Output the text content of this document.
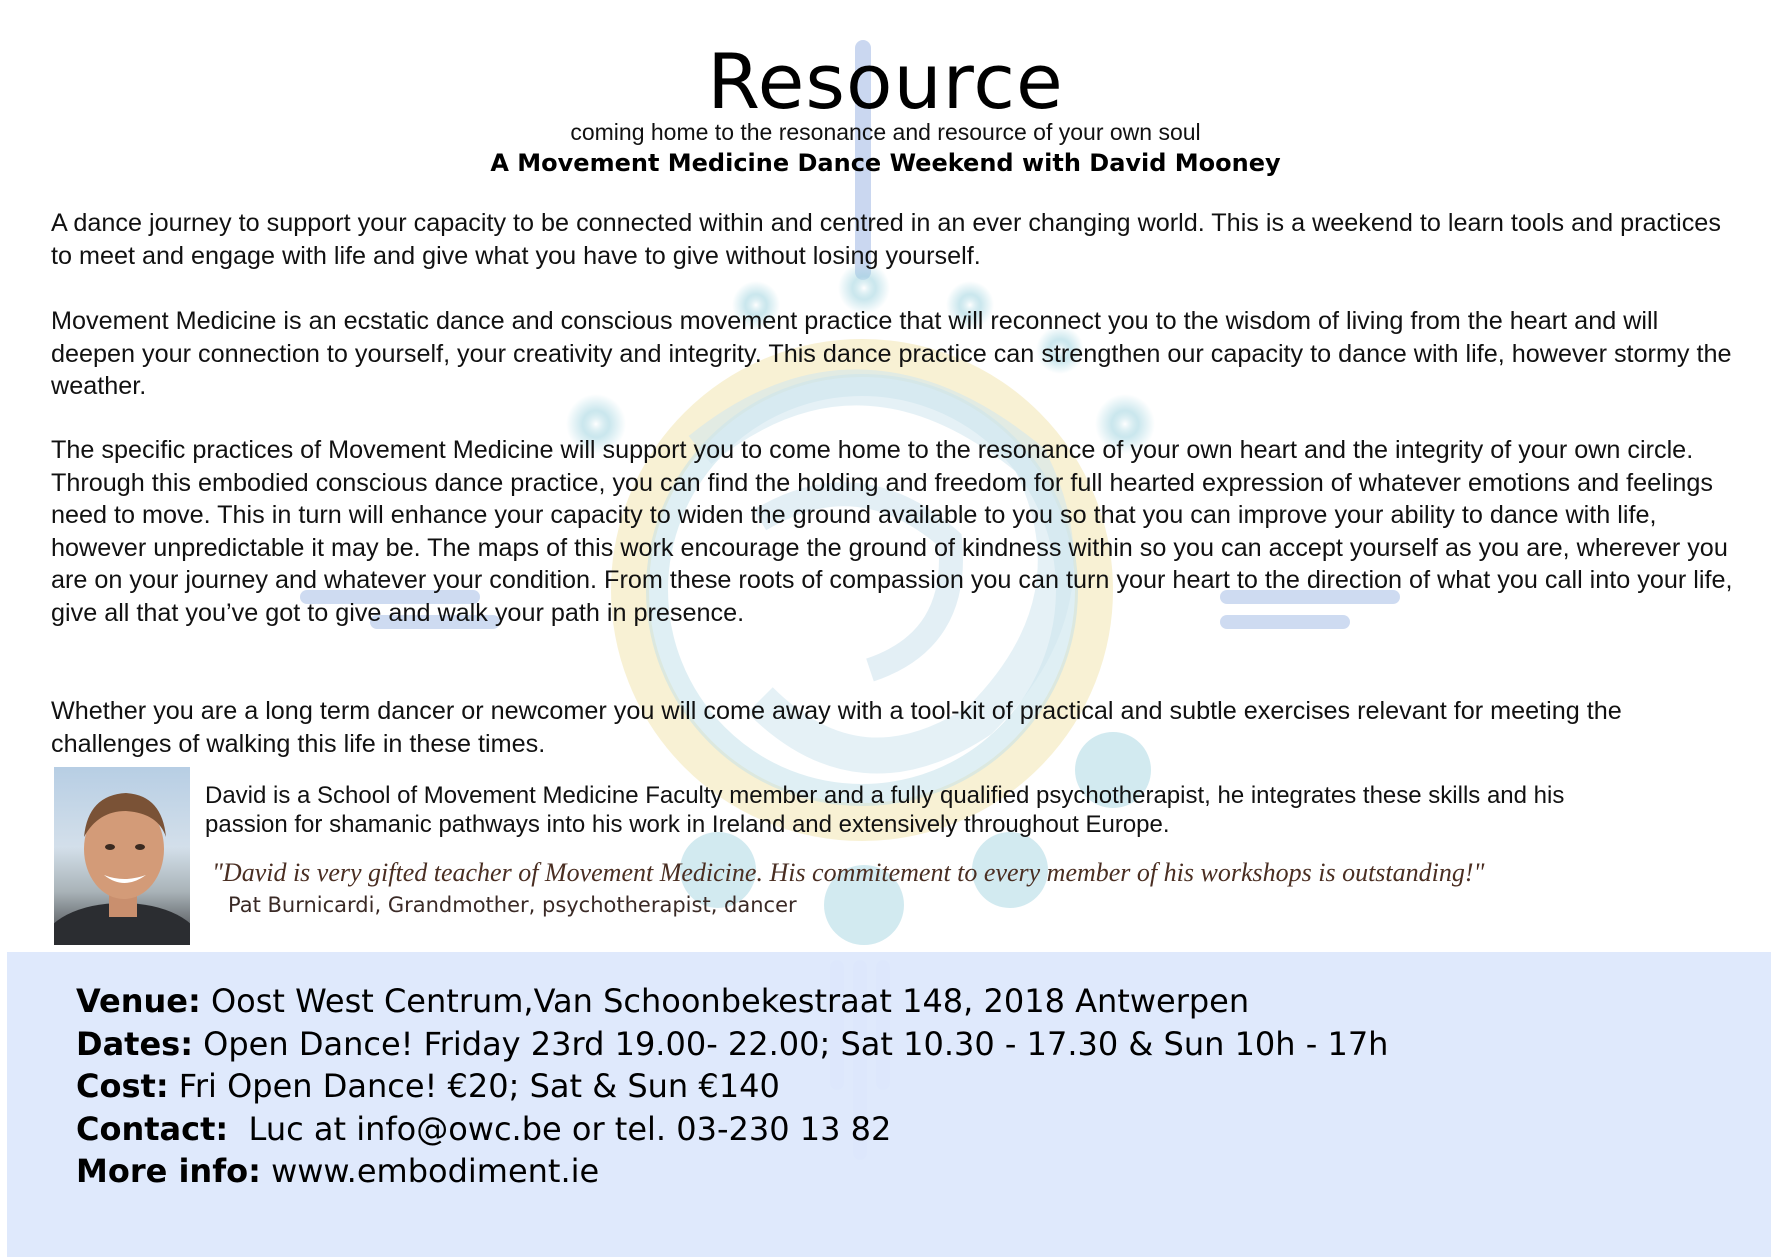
Resource

coming home to the resonance and resource of your own soul

A Movement Medicine Dance Weekend with David Mooney

A dance journey to support your capacity to be connected within and centred in an ever changing world. This is a weekend to learn tools and practices to meet and engage with life and give what you have to give without losing yourself.

Movement Medicine is an ecstatic dance and conscious movement practice that will reconnect you to the wisdom of living from the heart and will deepen your connection to yourself, your creativity and integrity. This dance practice can strengthen our capacity to dance with life, however stormy the weather.

The specific practices of Movement Medicine will support you to come home to the resonance of your own heart and the integrity of your own circle. Through this embodied conscious dance practice, you can find the holding and freedom for full hearted expression of whatever emotions and feelings need to move. This in turn will enhance your capacity to widen the ground available to you so that you can improve your ability to dance with life, however unpredictable it may be. The maps of this work encourage the ground of kindness within so you can accept yourself as you are, wherever you are on your journey and whatever your condition. From these roots of compassion you can turn your heart to the direction of what you call into your life, give all that you’ve got to give and walk your path in presence.

Whether you are a long term dancer or newcomer you will come away with a tool-kit of practical and subtle exercises relevant for meeting the challenges of walking this life in these times.

David is a School of Movement Medicine Faculty member and a fully qualified psychotherapist, he integrates these skills and his passion for shamanic pathways into his work in Ireland and extensively throughout Europe.

"David is very gifted teacher of Movement Medicine. His commitement to every member of his workshops is outstanding!"

Pat Burnicardi, Grandmother, psychotherapist, dancer

Venue: Oost West Centrum,Van Schoonbekestraat 148, 2018 Antwerpen
Dates: Open Dance! Friday 23rd 19.00- 22.00; Sat 10.30 - 17.30 & Sun 10h - 17h
Cost: Fri Open Dance! €20; Sat & Sun €140
Contact:  Luc at info@owc.be or tel. 03-230 13 82
More info: www.embodiment.ie
